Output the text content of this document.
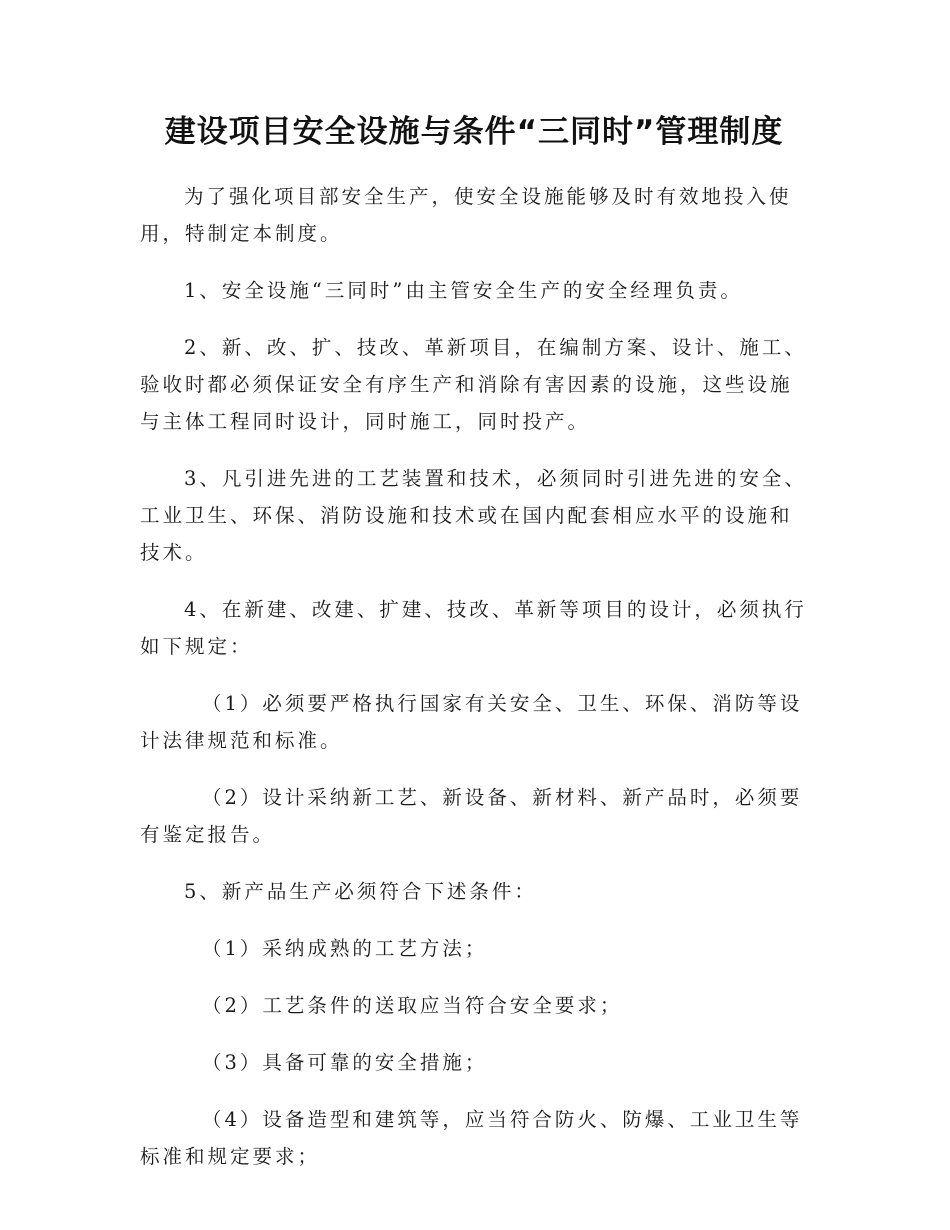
建设项目安全设施与条件“三同时”管理制度

为了强化项目部安全生产，使安全设施能够及时有效地投入使用，特制定本制度。

1、安全设施“三同时”由主管安全生产的安全经理负责。

2、新、改、扩、技改、革新项目，在编制方案、设计、施工、验收时都必须保证安全有序生产和消除有害因素的设施，这些设施与主体工程同时设计，同时施工，同时投产。

3、凡引进先进的工艺装置和技术，必须同时引进先进的安全、工业卫生、环保、消防设施和技术或在国内配套相应水平的设施和技术。

4、在新建、改建、扩建、技改、革新等项目的设计，必须执行如下规定：

（1）必须要严格执行国家有关安全、卫生、环保、消防等设计法律规范和标准。

（2）设计采纳新工艺、新设备、新材料、新产品时，必须要有鉴定报告。

5、新产品生产必须符合下述条件：

（1）采纳成熟的工艺方法；

（2）工艺条件的送取应当符合安全要求；

（3）具备可靠的安全措施；

（4）设备造型和建筑等，应当符合防火、防爆、工业卫生等标准和规定要求；
